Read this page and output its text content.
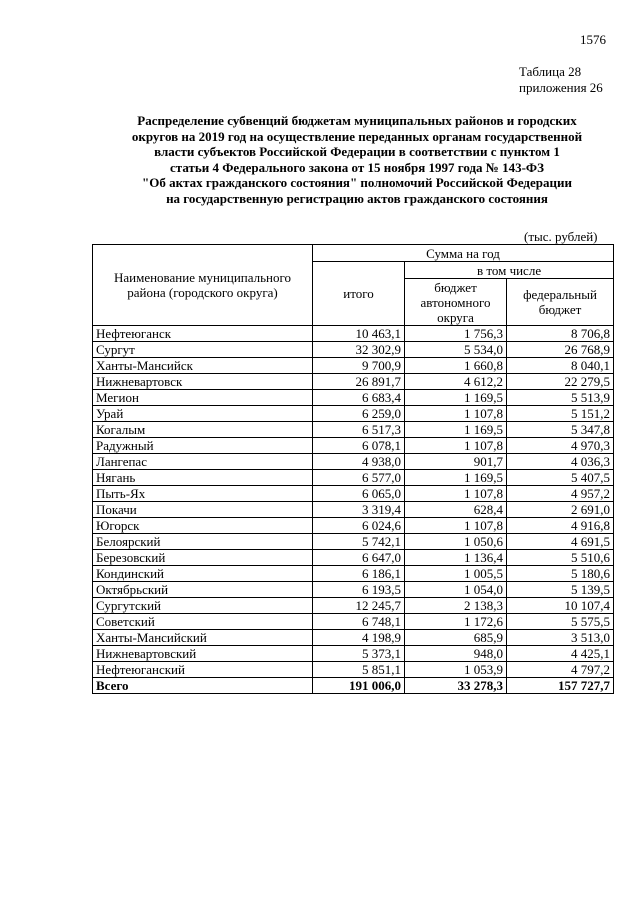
1576
Таблица 28
приложения 26
Распределение субвенций бюджетам муниципальных районов и городских
округов на 2019 год на осуществление переданных органам государственной
власти субъектов Российской Федерации в соответствии с пунктом 1
статьи 4 Федерального закона от 15 ноября 1997 года № 143-ФЗ
"Об актах гражданского состояния" полномочий Российской Федерации
на государственную регистрацию актов гражданского состояния
(тыс. рублей)
Наименование муниципального района (городского округа)	Сумма на год		
	итого	в том числе	
		бюджет автономного округа	федеральный бюджет
Нефтеюганск	10 463,1	1 756,3	8 706,8
Сургут	32 302,9	5 534,0	26 768,9
Ханты-Мансийск	9 700,9	1 660,8	8 040,1
Нижневартовск	26 891,7	4 612,2	22 279,5
Мегион	6 683,4	1 169,5	5 513,9
Урай	6 259,0	1 107,8	5 151,2
Когалым	6 517,3	1 169,5	5 347,8
Радужный	6 078,1	1 107,8	4 970,3
Лангепас	4 938,0	901,7	4 036,3
Нягань	6 577,0	1 169,5	5 407,5
Пыть-Ях	6 065,0	1 107,8	4 957,2
Покачи	3 319,4	628,4	2 691,0
Югорск	6 024,6	1 107,8	4 916,8
Белоярский	5 742,1	1 050,6	4 691,5
Березовский	6 647,0	1 136,4	5 510,6
Кондинский	6 186,1	1 005,5	5 180,6
Октябрьский	6 193,5	1 054,0	5 139,5
Сургутский	12 245,7	2 138,3	10 107,4
Советский	6 748,1	1 172,6	5 575,5
Ханты-Мансийский	4 198,9	685,9	3 513,0
Нижневартовский	5 373,1	948,0	4 425,1
Нефтеюганский	5 851,1	1 053,9	4 797,2
Всего	191 006,0	33 278,3	157 727,7
